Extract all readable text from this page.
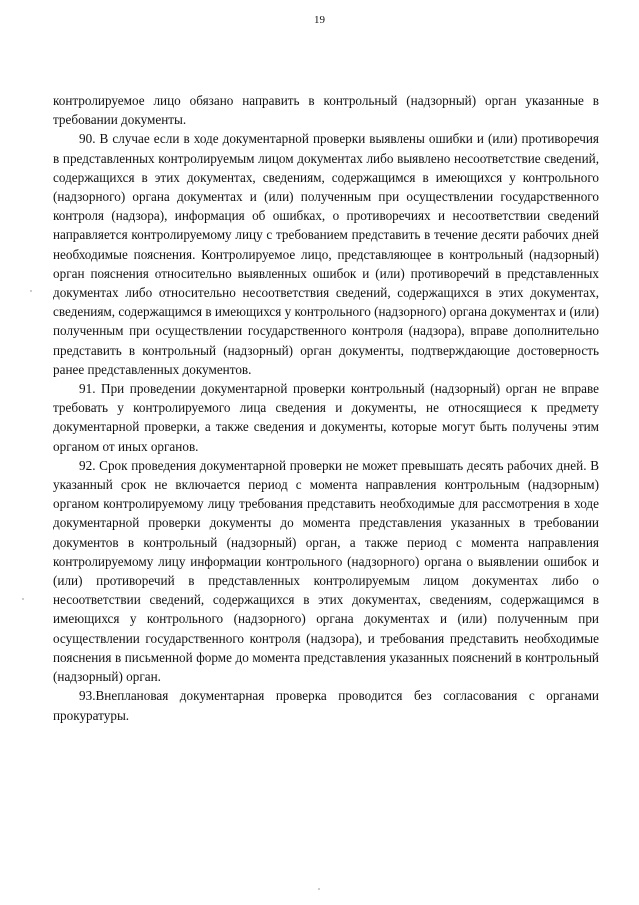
19

контролируемое лицо обязано направить в контрольный (надзорный) орган указанные в требовании документы.

90. В случае если в ходе документарной проверки выявлены ошибки и (или) противоречия в представленных контролируемым лицом документах либо выявлено несоответствие сведений, содержащихся в этих документах, сведениям, содержащимся в имеющихся у контрольного (надзорного) органа документах и (или) полученным при осуществлении государственного контроля (надзора), информация об ошибках, о противоречиях и несоответствии сведений направляется контролируемому лицу с требованием представить в течение десяти рабочих дней необходимые пояснения. Контролируемое лицо, представляющее в контрольный (надзорный) орган пояснения относительно выявленных ошибок и (или) противоречий в представленных документах либо относительно несоответствия сведений, содержащихся в этих документах, сведениям, содержащимся в имеющихся у контрольного (надзорного) органа документах и (или) полученным при осуществлении государственного контроля (надзора), вправе дополнительно представить в контрольный (надзорный) орган документы, подтверждающие достоверность ранее представленных документов.

91. При проведении документарной проверки контрольный (надзорный) орган не вправе требовать у контролируемого лица сведения и документы, не относящиеся к предмету документарной проверки, а также сведения и документы, которые могут быть получены этим органом от иных органов.

92. Срок проведения документарной проверки не может превышать десять рабочих дней. В указанный срок не включается период с момента направления контрольным (надзорным) органом контролируемому лицу требования представить необходимые для рассмотрения в ходе документарной проверки документы до момента представления указанных в требовании документов в контрольный (надзорный) орган, а также период с момента направления контролируемому лицу информации контрольного (надзорного) органа о выявлении ошибок и (или) противоречий в представленных контролируемым лицом документах либо о несоответствии сведений, содержащихся в этих документах, сведениям, содержащимся в имеющихся у контрольного (надзорного) органа документах и (или) полученным при осуществлении государственного контроля (надзора), и требования представить необходимые пояснения в письменной форме до момента представления указанных пояснений в контрольный (надзорный) орган.

93.Внеплановая документарная проверка проводится без согласования с органами прокуратуры.
